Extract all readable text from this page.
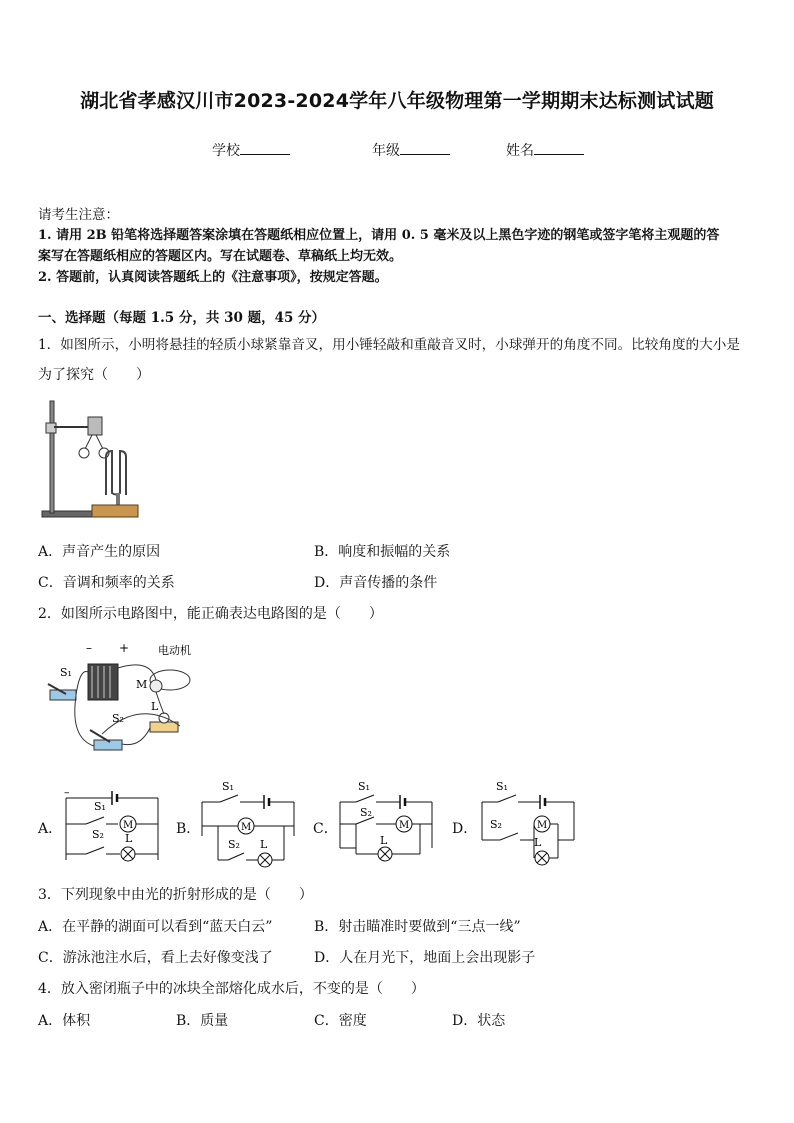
湖北省孝感汉川市2023-2024学年八年级物理第一学期期末达标测试试题
学校	年级	姓名
请考生注意：
1. 请用 2B 铅笔将选择题答案涂填在答题纸相应位置上，请用 0. 5 毫米及以上黑色字迹的钢笔或签字笔将主观题的答
案写在答题纸相应的答题区内。写在试题卷、草稿纸上均无效。
2. 答题前，认真阅读答题纸上的《注意事项》，按规定答题。
一、选择题（每题 1.5 分，共 30 题，45 分）
1．如图所示，小明将悬挂的轻质小球紧靠音叉，用小锤轻敲和重敲音叉时，小球弹开的角度不同。比较角度的大小是
为了探究（　　）
A．声音产生的原因	B．响度和振幅的关系
C．音调和频率的关系	D．声音传播的条件
2．如图所示电路图中，能正确表达电路图的是（　　）
– +	电动机
S₁
M
S₂
L
A．
–
S₁
M
S₂ L
B．
S₁
M
S₂ L
C．
S₁
S₂
M
L
D．
S₁
S₂	M
L
3．下列现象中由光的折射形成的是（　　）
A．在平静的湖面可以看到“蓝天白云”	B．射击瞄准时要做到“三点一线”
C．游泳池注水后，看上去好像变浅了	D．人在月光下，地面上会出现影子
4．放入密闭瓶子中的冰块全部熔化成水后，不变的是（　　）
A．体积	B．质量	C．密度	D．状态
